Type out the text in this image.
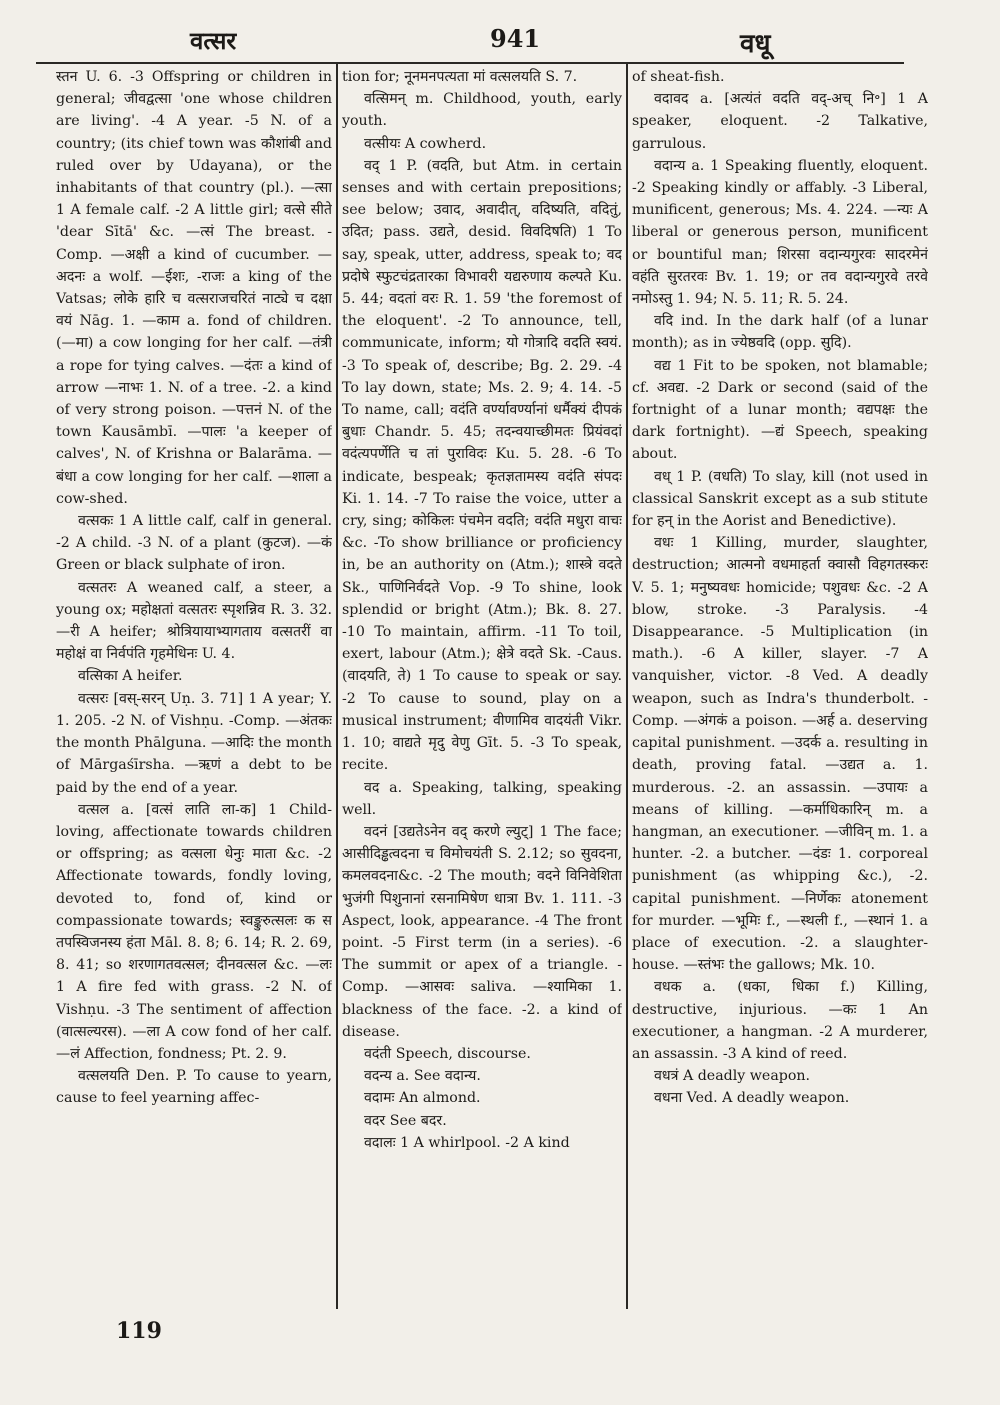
वत्सर	941	वधू

स्तन U. 6. -3 Offspring or children in general; जीवद्वत्सा 'one whose children are living'. -4 A year. -5 N. of a country; (its chief town was कौशांबी and ruled over by Udayana), or the inhabitants of that country (pl.). —त्सा 1 A female calf. -2 A little girl; वत्से सीते 'dear Sītā' &c. —त्सं The breast. -Comp. —अक्षी a kind of cucumber. —अदनः a wolf. —ईशः, -राजः a king of the Vatsas; लोके हारि च वत्सराजचरितं नाट्ये च दक्षा वयं Nāg. 1. —काम a. fond of children. (—मा) a cow longing for her calf. —तंत्री a rope for tying calves. —दंतः a kind of arrow —नाभः 1. N. of a tree. -2. a kind of very strong poison. —पत्तनं N. of the town Kausāmbī. —पालः 'a keeper of calves', N. of Krishna or Balarāma. —बंधा a cow longing for her calf. —शाला a cow-shed.

वत्सकः 1 A little calf, calf in general. -2 A child. -3 N. of a plant (कुटज). —कं Green or black sulphate of iron.

वत्सतरः A weaned calf, a steer, a young ox; महोक्षतां वत्सतरः स्पृशन्निव R. 3. 32. —री A heifer; श्रोत्रियायाभ्यागताय वत्सतरीं वा महोक्षं वा निर्वपंति गृहमेधिनः U. 4.

वत्सिका A heifer.

वत्सरः [वस्-सरन् Uṇ. 3. 71] 1 A year; Y. 1. 205. -2 N. of Vishṇu. -Comp. —अंतकः the month Phālguna. —आदिः the month of Mārgaśīrsha. —ऋणं a debt to be paid by the end of a year.

वत्सल a. [वत्सं लाति ला-क] 1 Child-loving, affectionate towards children or offspring; as वत्सला धेनुः माता &c. -2 Affectionate towards, fondly loving, devoted to, fond of, kind or compassionate towards; स्वङ्कुरुत्सलः क स तपस्विजनस्य हंता Māl. 8. 8; 6. 14; R. 2. 69, 8. 41; so शरणागतवत्सल; दीनवत्सल &c. —लः 1 A fire fed with grass. -2 N. of Vishṇu. -3 The sentiment of affection (वात्सल्यरस). —ला A cow fond of her calf. —लं Affection, fondness; Pt. 2. 9.

वत्सलयति Den. P. To cause to yearn, cause to feel yearning affec-

tion for; नूनमनपत्यता मां वत्सलयति S. 7.

वत्सिमन् m. Childhood, youth, early youth.

वत्सीयः A cowherd.

वद् 1 P. (वदति, but Atm. in certain senses and with certain prepositions; see below; उवाद, अवादीत्, वदिष्यति, वदितुं, उदित; pass. उद्यते, desid. विवदिषति) 1 To say, speak, utter, address, speak to; वद प्रदोषे स्फुटचंद्रतारका विभावरी यद्यरुणाय कल्पते Ku. 5. 44; वदतां वरः R. 1. 59 'the foremost of the eloquent'. -2 To announce, tell, communicate, inform; यो गोत्रादि वदति स्वयं. -3 To speak of, describe; Bg. 2. 29. -4 To lay down, state; Ms. 2. 9; 4. 14. -5 To name, call; वदंति वर्ण्यावर्ण्यानां धर्मैक्यं दीपकं बुधाः Chandr. 5. 45; तदन्वयाच्छीमतः प्रियंवदां वदंत्यपर्णेति च तां पुराविदः Ku. 5. 28. -6 To indicate, bespeak; कृतज्ञतामस्य वदंति संपदः Ki. 1. 14. -7 To raise the voice, utter a cry, sing; कोकिलः पंचमेन वदति; वदंति मधुरा वाचः &c. -To show brilliance or proficiency in, be an authority on (Atm.); शास्त्रे वदते Sk., पाणिनिर्वदते Vop. -9 To shine, look splendid or bright (Atm.); Bk. 8. 27. -10 To maintain, affirm. -11 To toil, exert, labour (Atm.); क्षेत्रे वदते Sk. -Caus. (वादयति, ते) 1 To cause to speak or say. -2 To cause to sound, play on a musical instrument; वीणामिव वादयंती Vikr. 1. 10; वाद्यते मृदु वेणु Gīt. 5. -3 To speak, recite.

वद a. Speaking, talking, speaking well.

वदनं [उद्यतेऽनेन वद् करणे ल्युट्] 1 The face; आसीदिड्ढत्वदना च विमोचयंती S. 2.12; so सुवदना, कमलवदना&c. -2 The mouth; वदने विनिवेशिता भुजंगी पिशुनानां रसनामिषेण धात्रा Bv. 1. 111. -3 Aspect, look, appearance. -4 The front point. -5 First term (in a series). -6 The summit or apex of a triangle. -Comp. —आसवः saliva. —श्यामिका 1. blackness of the face. -2. a kind of disease.

वदंती Speech, discourse.

वदन्य a. See वदान्य.

वदामः An almond.

वदर See बदर.

वदालः 1 A whirlpool. -2 A kind

of sheat-fish.

वदावद a. [अत्यंतं वदति वद्-अच् नि॰] 1 A speaker, eloquent. -2 Talkative, garrulous.

वदान्य a. 1 Speaking fluently, eloquent. -2 Speaking kindly or affably. -3 Liberal, munificent, generous; Ms. 4. 224. —न्यः A liberal or generous person, munificent or bountiful man; शिरसा वदान्यगुरवः सादरमेनं वहंति सुरतरवः Bv. 1. 19; or तव वदान्यगुरवे तरवे नमोऽस्तु 1. 94; N. 5. 11; R. 5. 24.

वदि ind. In the dark half (of a lunar month); as in ज्येष्ठवदि (opp. सुदि).

वद्य 1 Fit to be spoken, not blamable; cf. अवद्य. -2 Dark or second (said of the fortnight of a lunar month; वद्यपक्षः the dark fortnight). —द्यं Speech, speaking about.

वध् 1 P. (वधति) To slay, kill (not used in classical Sanskrit except as a sub stitute for हन् in the Aorist and Benedictive).

वधः 1 Killing, murder, slaughter, destruction; आत्मनो वधमाहर्ता क्वासौ विहगतस्करः V. 5. 1; मनुष्यवधः homicide; पशुवधः &c. -2 A blow, stroke. -3 Paralysis. -4 Disappearance. -5 Multiplication (in math.). -6 A killer, slayer. -7 A vanquisher, victor. -8 Ved. A deadly weapon, such as Indra's thunderbolt. -Comp. —अंगकं a poison. —अर्ह a. deserving capital punishment. —उदर्क a. resulting in death, proving fatal. —उद्यत a. 1. murderous. -2. an assassin. —उपायः a means of killing. —कर्माधिकारिन् m. a hangman, an executioner. —जीविन् m. 1. a hunter. -2. a butcher. —दंडः 1. corporeal punishment (as whipping &c.), -2. capital punishment. —निर्णेकः atonement for murder. —भूमिः f., —स्थली f., —स्थानं 1. a place of execution. -2. a slaughter-house. —स्तंभः the gallows; Mk. 10.

वधक a. (धका, धिका f.) Killing, destructive, injurious. —कः 1 An executioner, a hangman. -2 A murderer, an assassin. -3 A kind of reed.

वधत्रं A deadly weapon.

वधना Ved. A deadly weapon.

119
